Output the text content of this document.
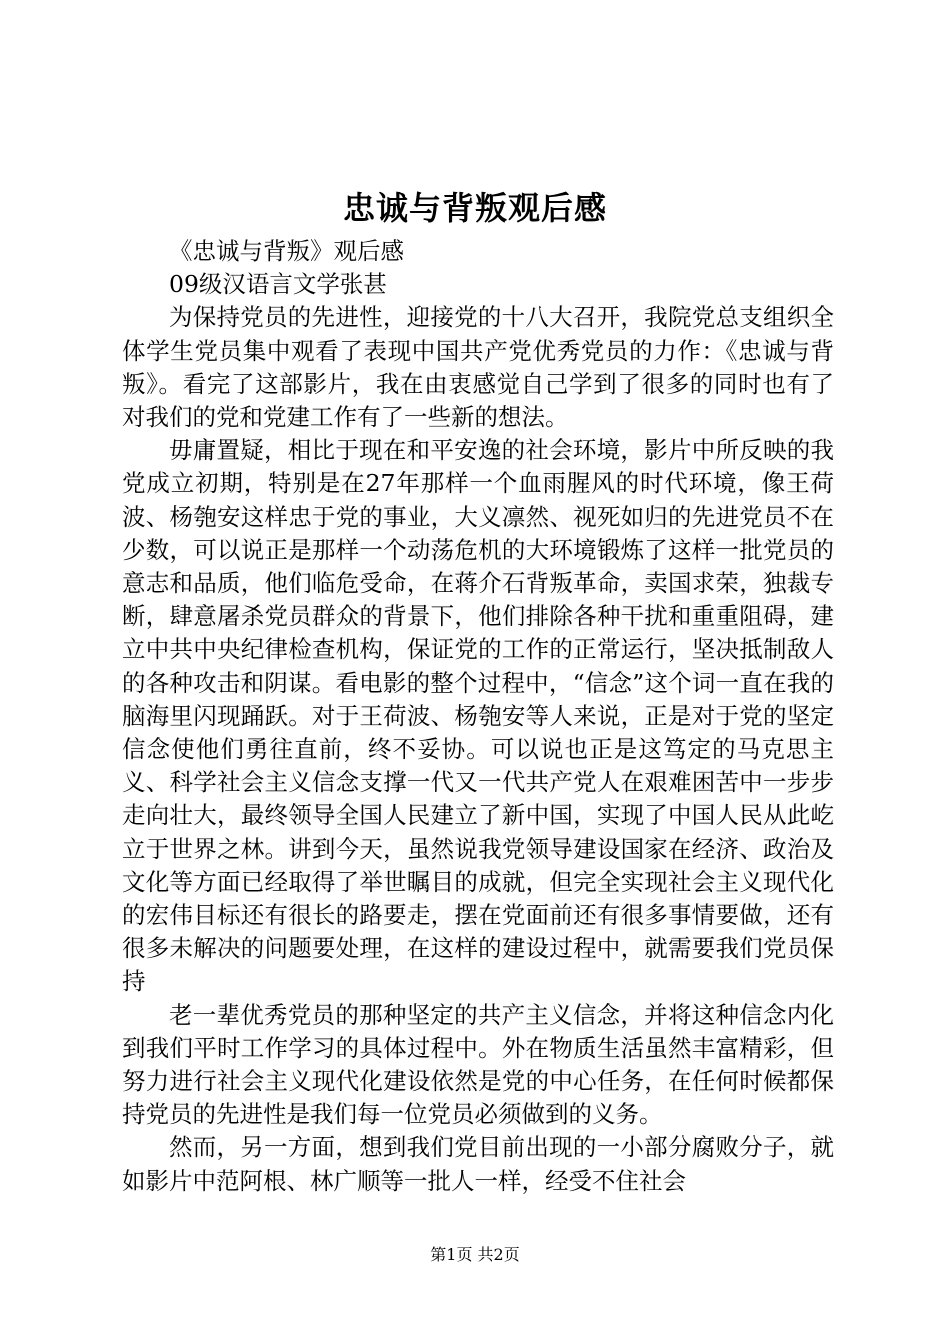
忠诚与背叛观后感

《忠诚与背叛》观后感

09级汉语言文学张甚

为保持党员的先进性，迎接党的十八大召开，我院党总支组织全体学生党员集中观看了表现中国共产党优秀党员的力作：《忠诚与背叛》。看完了这部影片，我在由衷感觉自己学到了很多的同时也有了对我们的党和党建工作有了一些新的想法。

毋庸置疑，相比于现在和平安逸的社会环境，影片中所反映的我党成立初期，特别是在27年那样一个血雨腥风的时代环境，像王荷波、杨匏安这样忠于党的事业，大义凛然、视死如归的先进党员不在少数，可以说正是那样一个动荡危机的大环境锻炼了这样一批党员的意志和品质，他们临危受命，在蒋介石背叛革命，卖国求荣，独裁专断，肆意屠杀党员群众的背景下，他们排除各种干扰和重重阻碍，建立中共中央纪律检查机构，保证党的工作的正常运行，坚决抵制敌人的各种攻击和阴谋。看电影的整个过程中，“信念”这个词一直在我的脑海里闪现踊跃。对于王荷波、杨匏安等人来说，正是对于党的坚定信念使他们勇往直前，终不妥协。可以说也正是这笃定的马克思主义、科学社会主义信念支撑一代又一代共产党人在艰难困苦中一步步走向壮大，最终领导全国人民建立了新中国，实现了中国人民从此屹立于世界之林。讲到今天，虽然说我党领导建设国家在经济、政治及文化等方面已经取得了举世瞩目的成就，但完全实现社会主义现代化的宏伟目标还有很长的路要走，摆在党面前还有很多事情要做，还有很多未解决的问题要处理，在这样的建设过程中，就需要我们党员保持

老一辈优秀党员的那种坚定的共产主义信念，并将这种信念内化到我们平时工作学习的具体过程中。外在物质生活虽然丰富精彩，但努力进行社会主义现代化建设依然是党的中心任务，在任何时候都保持党员的先进性是我们每一位党员必须做到的义务。

然而，另一方面，想到我们党目前出现的一小部分腐败分子，就如影片中范阿根、林广顺等一批人一样，经受不住社会

第1页 共2页
